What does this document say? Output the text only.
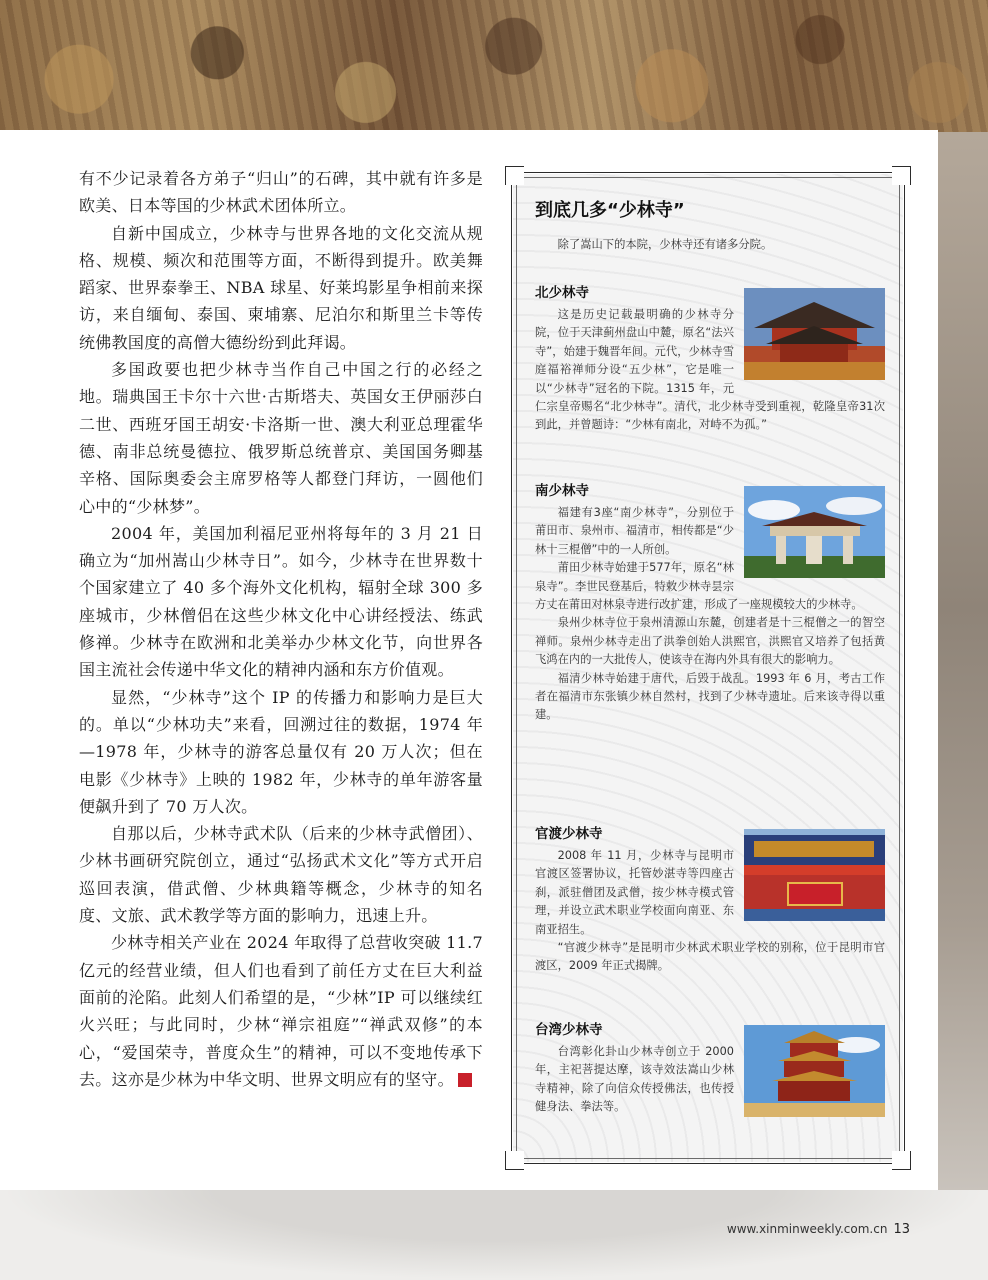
有不少记录着各方弟子“归山”的石碑，其中就有许多是欧美、日本等国的少林武术团体所立。

自新中国成立，少林寺与世界各地的文化交流从规格、规模、频次和范围等方面，不断得到提升。欧美舞蹈家、世界泰拳王、NBA 球星、好莱坞影星争相前来探访，来自缅甸、泰国、柬埔寨、尼泊尔和斯里兰卡等传统佛教国度的高僧大德纷纷到此拜谒。

多国政要也把少林寺当作自己中国之行的必经之地。瑞典国王卡尔十六世·古斯塔夫、英国女王伊丽莎白二世、西班牙国王胡安·卡洛斯一世、澳大利亚总理霍华德、南非总统曼德拉、俄罗斯总统普京、美国国务卿基辛格、国际奥委会主席罗格等人都登门拜访，一圆他们心中的“少林梦”。

2004 年，美国加利福尼亚州将每年的 3 月 21 日确立为“加州嵩山少林寺日”。如今，少林寺在世界数十个国家建立了 40 多个海外文化机构，辐射全球 300 多座城市，少林僧侣在这些少林文化中心讲经授法、练武修禅。少林寺在欧洲和北美举办少林文化节，向世界各国主流社会传递中华文化的精神内涵和东方价值观。

显然，“少林寺”这个 IP 的传播力和影响力是巨大的。单以“少林功夫”来看，回溯过往的数据，1974 年—1978 年，少林寺的游客总量仅有 20 万人次；但在电影《少林寺》上映的 1982 年，少林寺的单年游客量便飙升到了 70 万人次。

自那以后，少林寺武术队（后来的少林寺武僧团）、少林书画研究院创立，通过“弘扬武术文化”等方式开启巡回表演，借武僧、少林典籍等概念，少林寺的知名度、文旅、武术教学等方面的影响力，迅速上升。

少林寺相关产业在 2024 年取得了总营收突破 11.7 亿元的经营业绩，但人们也看到了前任方丈在巨大利益面前的沦陷。此刻人们希望的是，“少林”IP 可以继续红火兴旺；与此同时，少林“禅宗祖庭”“禅武双修”的本心，“爱国荣寺，普度众生”的精神，可以不变地传承下去。这亦是少林为中华文明、世界文明应有的坚守。	民

到底几多“少林寺”

除了嵩山下的本院，少林寺还有诸多分院。

北少林寺

这是历史记载最明确的少林寺分院，位于天津蓟州盘山中麓，原名“法兴寺”，始建于魏晋年间。元代，少林寺雪庭福裕禅师分设“五少林”，它是唯一以“少林寺”冠名的下院。1315 年，元仁宗皇帝赐名“北少林寺”。清代，北少林寺受到重视，乾隆皇帝31次到此，并曾题诗：“少林有南北，对峙不为孤。”

南少林寺

福建有3座“南少林寺”，分别位于莆田市、泉州市、福清市，相传都是“少林十三棍僧”中的一人所创。

莆田少林寺始建于577年，原名“林泉寺”。李世民登基后，特敕少林寺昙宗方丈在莆田对林泉寺进行改扩建，形成了一座规模较大的少林寺。

泉州少林寺位于泉州清源山东麓，创建者是十三棍僧之一的智空禅师。泉州少林寺走出了洪拳创始人洪熙官，洪熙官又培养了包括黄飞鸿在内的一大批传人，使该寺在海内外具有很大的影响力。

福清少林寺始建于唐代，后毁于战乱。1993 年 6 月，考古工作者在福清市东张镇少林自然村，找到了少林寺遗址。后来该寺得以重建。

官渡少林寺

2008 年 11 月，少林寺与昆明市官渡区签署协议，托管妙湛寺等四座古刹，派驻僧团及武僧，按少林寺模式管理，并设立武术职业学校面向南亚、东南亚招生。

“官渡少林寺”是昆明市少林武术职业学校的别称，位于昆明市官渡区，2009 年正式揭牌。

台湾少林寺

台湾彰化卦山少林寺创立于 2000 年，主祀菩提达摩，该寺效法嵩山少林寺精神，除了向信众传授佛法，也传授健身法、拳法等。

www.xinminweekly.com.cn 13
